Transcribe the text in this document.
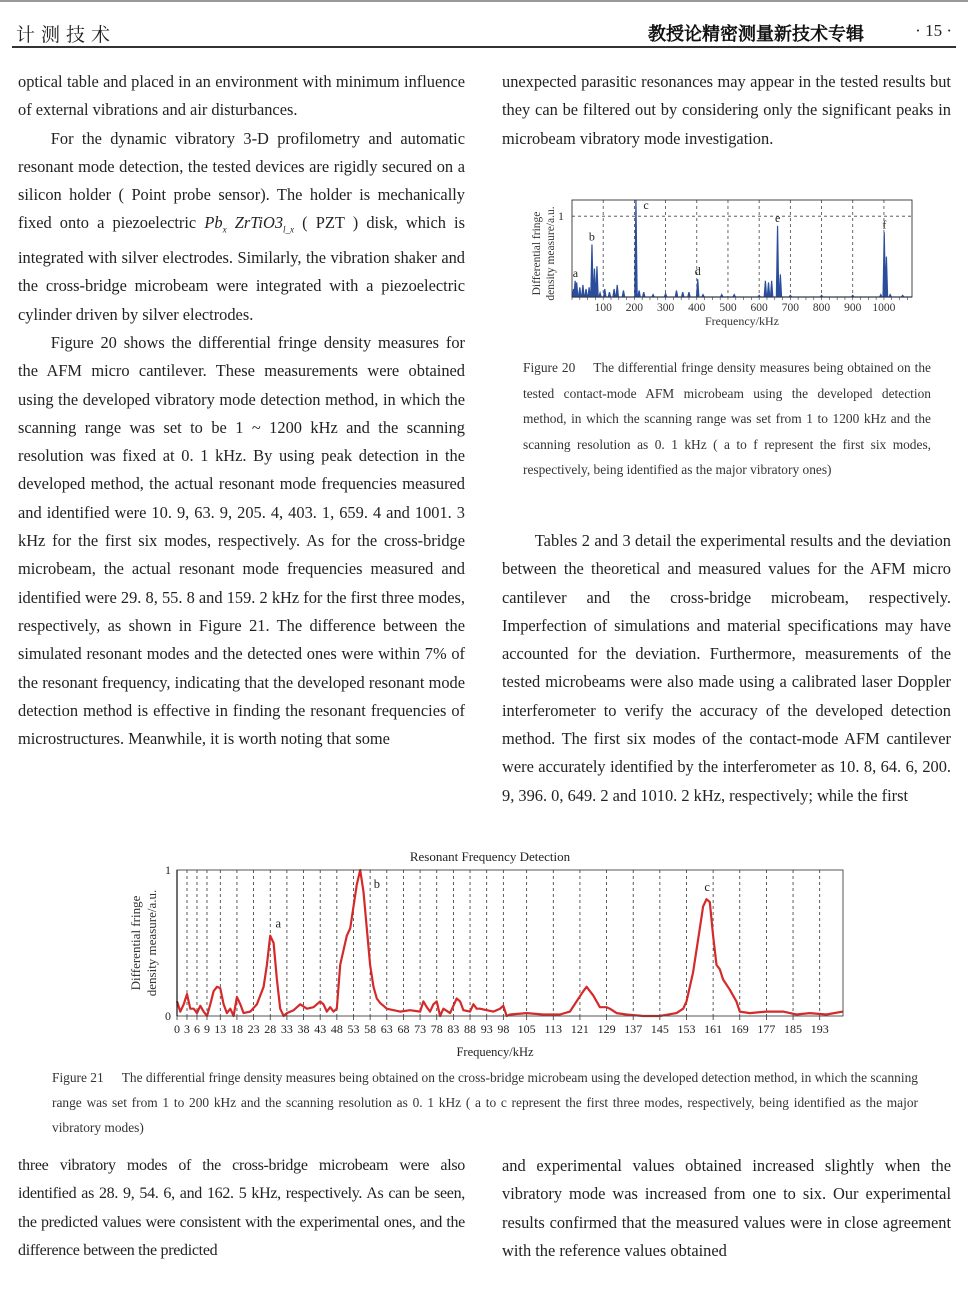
计测技术	教授论精密测量新技术专辑	· 15 ·

optical table and placed in an environment with minimum influence of external vibrations and air disturbances.

For the dynamic vibratory 3-D profilometry and automatic resonant mode detection, the tested devices are rigidly secured on a silicon holder ( Point probe sensor). The holder is mechanically fixed onto a piezoelectric $Pb_x$ $ZrTiO3_{l\_x}$ ( PZT ) disk, which is integrated with silver electrodes. Similarly, the vibration shaker and the cross-bridge microbeam were integrated with a piezoelectric cylinder driven by silver electrodes.

Figure 20 shows the differential fringe density measures for the AFM micro cantilever. These measurements were obtained using the developed vibratory mode detection method, in which the scanning range was set to be 1 ~ 1200 kHz and the scanning resolution was fixed at 0. 1 kHz. By using peak detection in the developed method, the actual resonant mode frequencies measured and identified were 10. 9, 63. 9, 205. 4, 403. 1, 659. 4 and 1001. 3 kHz for the first six modes, respectively. As for the cross-bridge microbeam, the actual resonant mode frequencies measured and identified were 29. 8, 55. 8 and 159. 2 kHz for the first three modes, respectively, as shown in Figure 21. The difference between the simulated resonant modes and the detected ones were within 7% of the resonant frequency, indicating that the developed resonant mode detection method is effective in finding the resonant frequencies of microstructures. Meanwhile, it is worth noting that some

unexpected parasitic resonances may appear in the tested results but they can be filtered out by considering only the significant peaks in microbeam vibratory mode investigation.

100 200 300 400 500 600 700 800 900 1000
1
a
b
c
d
e	f
Frequency/kHz
Differential fringe density measure/a.u.
Figure 20 The differential fringe density measures being obtained on the tested contact-mode AFM microbeam using the developed detection method, in which the scanning range was set from 1 to 1200 kHz and the scanning resolution as 0. 1 kHz ( a to f represent the first six modes, respectively, being identified as the major vibratory ones)

Tables 2 and 3 detail the experimental results and the deviation between the theoretical and measured values for the AFM micro cantilever and the cross-bridge microbeam, respectively. Imperfection of simulations and material specifications may have accounted for the deviation. Furthermore, measurements of the tested microbeams were also made using a calibrated laser Doppler interferometer to verify the accuracy of the developed detection method. The first six modes of the contact-mode AFM cantilever were accurately identified by the interferometer as 10. 8, 64. 6, 200. 9, 396. 0, 649. 2 and 1010. 2 kHz, respectively; while the first

Resonant Frequency Detection
0 3 6 9 13 18 23 28 33 38 43 48 53 58 63 68 73 78 83 88 93 98 105 113 121 129 137 145 153 161 169 177 185 193
0
1
a
b	c
Frequency/kHz
Differential fringe density measure/a.u.
Figure 21 The differential fringe density measures being obtained on the cross-bridge microbeam using the developed detection method, in which the scanning range was set from 1 to 200 kHz and the scanning resolution as 0. 1 kHz ( a to c represent the first three modes, respectively, being identified as the major vibratory modes)

three vibratory modes of the cross-bridge microbeam were also identified as 28. 9, 54. 6, and 162. 5 kHz, respectively. As can be seen, the predicted values were consistent with the experimental ones, and the difference between the predicted

and experimental values obtained increased slightly when the vibratory mode was increased from one to six. Our experimental results confirmed that the measured values were in close agreement with the reference values obtained
